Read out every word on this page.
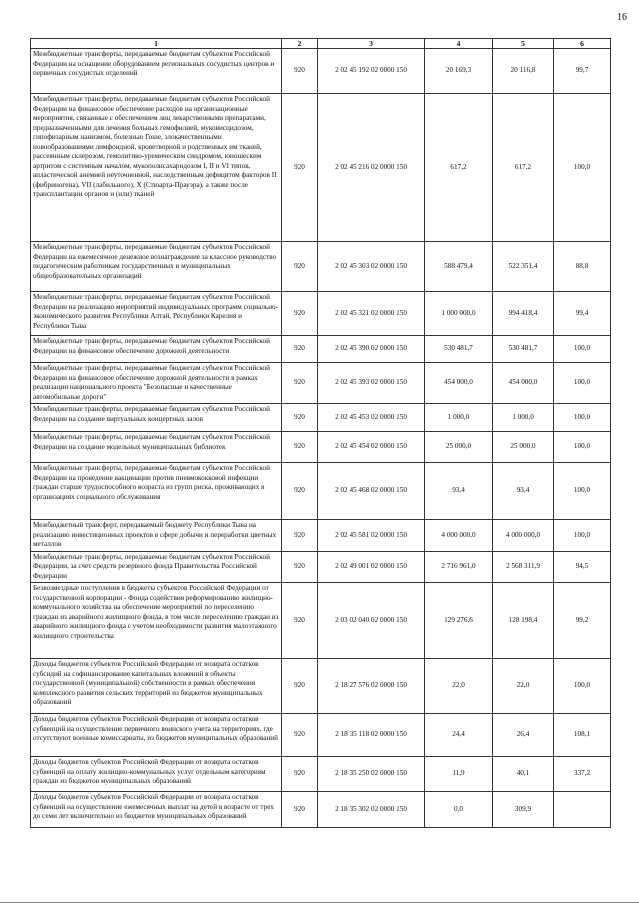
16
1	2	3	4	5	6
Межбюджетные трансферты, передаваемые бюджетам субъектов Российской Федерации на оснащение оборудованием региональных сосудистых центров и первичных сосудистых отделений	920	2 02 45 192 02 0000 150	20 169,3	20 116,8	99,7
Межбюджетные трансферты, передаваемые бюджетам субъектов Российской Федерации на финансовое обеспечение расходов на организационные мероприятия, связанные с обеспечением лиц лекарственными препаратами, предназначенными для лечения больных гемофилией, муковисцидозом, гипофизарным нанизмом, болезнью Гоше, злокачественными новообразованиями лимфоидной, кроветворной и родственных им тканей, рассеянным склерозом, гемолитико-уремическим синдромом, юношеским артритом с системным началом, мукополисахаридозом I, II и VI типов, апластической анемией неуточненной, наследственным дефицитом факторов II (фибриногена), VII (лабильного), X (Стюарта-Прауэра), а также после трансплантации органов и (или) тканей	920	2 02 45 216 02 0000 150	617,2	617,2	100,0
Межбюджетные трансферты, передаваемые бюджетам субъектов Российской Федерации на ежемесячное денежное вознаграждение за классное руководство педагогическим работникам государственных и муниципальных общеобразовательных организаций	920	2 02 45 303 02 0000 150	588 479,4	522 351,4	88,8
Межбюджетные трансферты, передаваемые бюджетам субъектов Российской Федерации на реализацию мероприятий индивидуальных программ социально-экономического развития Республики Алтай, Республики Карелия и Республики Тыва	920	2 02 45 321 02 0000 150	1 000 000,0	994 418,4	99,4
Межбюджетные трансферты, передаваемые бюджетам субъектов Российской Федерации на финансовое обеспечение дорожной деятельности	920	2 02 45 390 02 0000 150	530 481,7	530 481,7	100,0
Межбюджетные трансферты, передаваемые бюджетам субъектов Российской Федерации на финансовое обеспечение дорожной деятельности в рамках реализации национального проекта "Безопасные и качественные автомобильные дороги"	920	2 02 45 393 02 0000 150	454 000,0	454 000,0	100,0
Межбюджетные трансферты, передаваемые бюджетам субъектов Российской Федерации на создание виртуальных концертных залов	920	2 02 45 453 02 0000 150	1 000,0	1 000,0	100,0
Межбюджетные трансферты, передаваемые бюджетам субъектов Российской Федерации на создание модельных муниципальных библиотек	920	2 02 45 454 02 0000 150	25 000,0	25 000,0	100,0
Межбюджетные трансферты, передаваемые бюджетам субъектов Российской Федерации на проведение вакцинации против пневмококковой инфекции граждан старше трудоспособного возраста из групп риска, проживающих в организациях социального обслуживания	920	2 02 45 468 02 0000 150	93,4	93,4	100,0
Межбюджетный трансферт, передаваемый бюджету Республики Тыва на реализацию инвестиционных проектов в сфере добычи и переработки цветных металлов	920	2 02 45 581 02 0000 150	4 000 000,0	4 000 000,0	100,0
Межбюджетные трансферты, передаваемые бюджетам субъектов Российской Федерации, за счет средств резервного фонда Правительства Российской Федерации	920	2 02 49 001 02 0000 150	2 716 961,0	2 568 311,9	94,5
Безвозмездные поступления в бюджеты субъектов Российской Федерации от государственной корпорации - Фонда содействия реформированию жилищно-коммунального хозяйства на обеспечение мероприятий по переселению граждан из аварийного жилищного фонда, в том числе переселению граждан из аварийного жилищного фонда с учетом необходимости развития малоэтажного жилищного строительства	920	2 03 02 040 02 0000 150	129 276,6	128 198,4	99,2
Доходы бюджетов субъектов Российской Федерации от возврата остатков субсидий на софинансирование капитальных вложений в объекты государственной (муниципальной) собственности в рамках обеспечения комплексного развития сельских территорий из бюджетов муниципальных образований	920	2 18 27 576 02 0000 150	22,0	22,0	100,0
Доходы бюджетов субъектов Российской Федерации от возврата остатков субвенций на осуществление первичного воинского учета на территориях, где отсутствуют военные комиссариаты, из бюджетов муниципальных образований	920	2 18 35 118 02 0000 150	24,4	26,4	108,1
Доходы бюджетов субъектов Российской Федерации от возврата остатков субвенций на оплату жилищно-коммунальных услуг отдельным категориям граждан из бюджетов муниципальных образований	920	2 18 35 250 02 0000 150	11,9	40,1	337,2
Доходы бюджетов субъектов Российской Федерации от возврата остатков субвенций на осуществление ежемесячных выплат на детей в возрасте от трех до семи лет включительно из бюджетов муниципальных образований	920	2 18 35 302 02 0000 150	0,0	309,9	
